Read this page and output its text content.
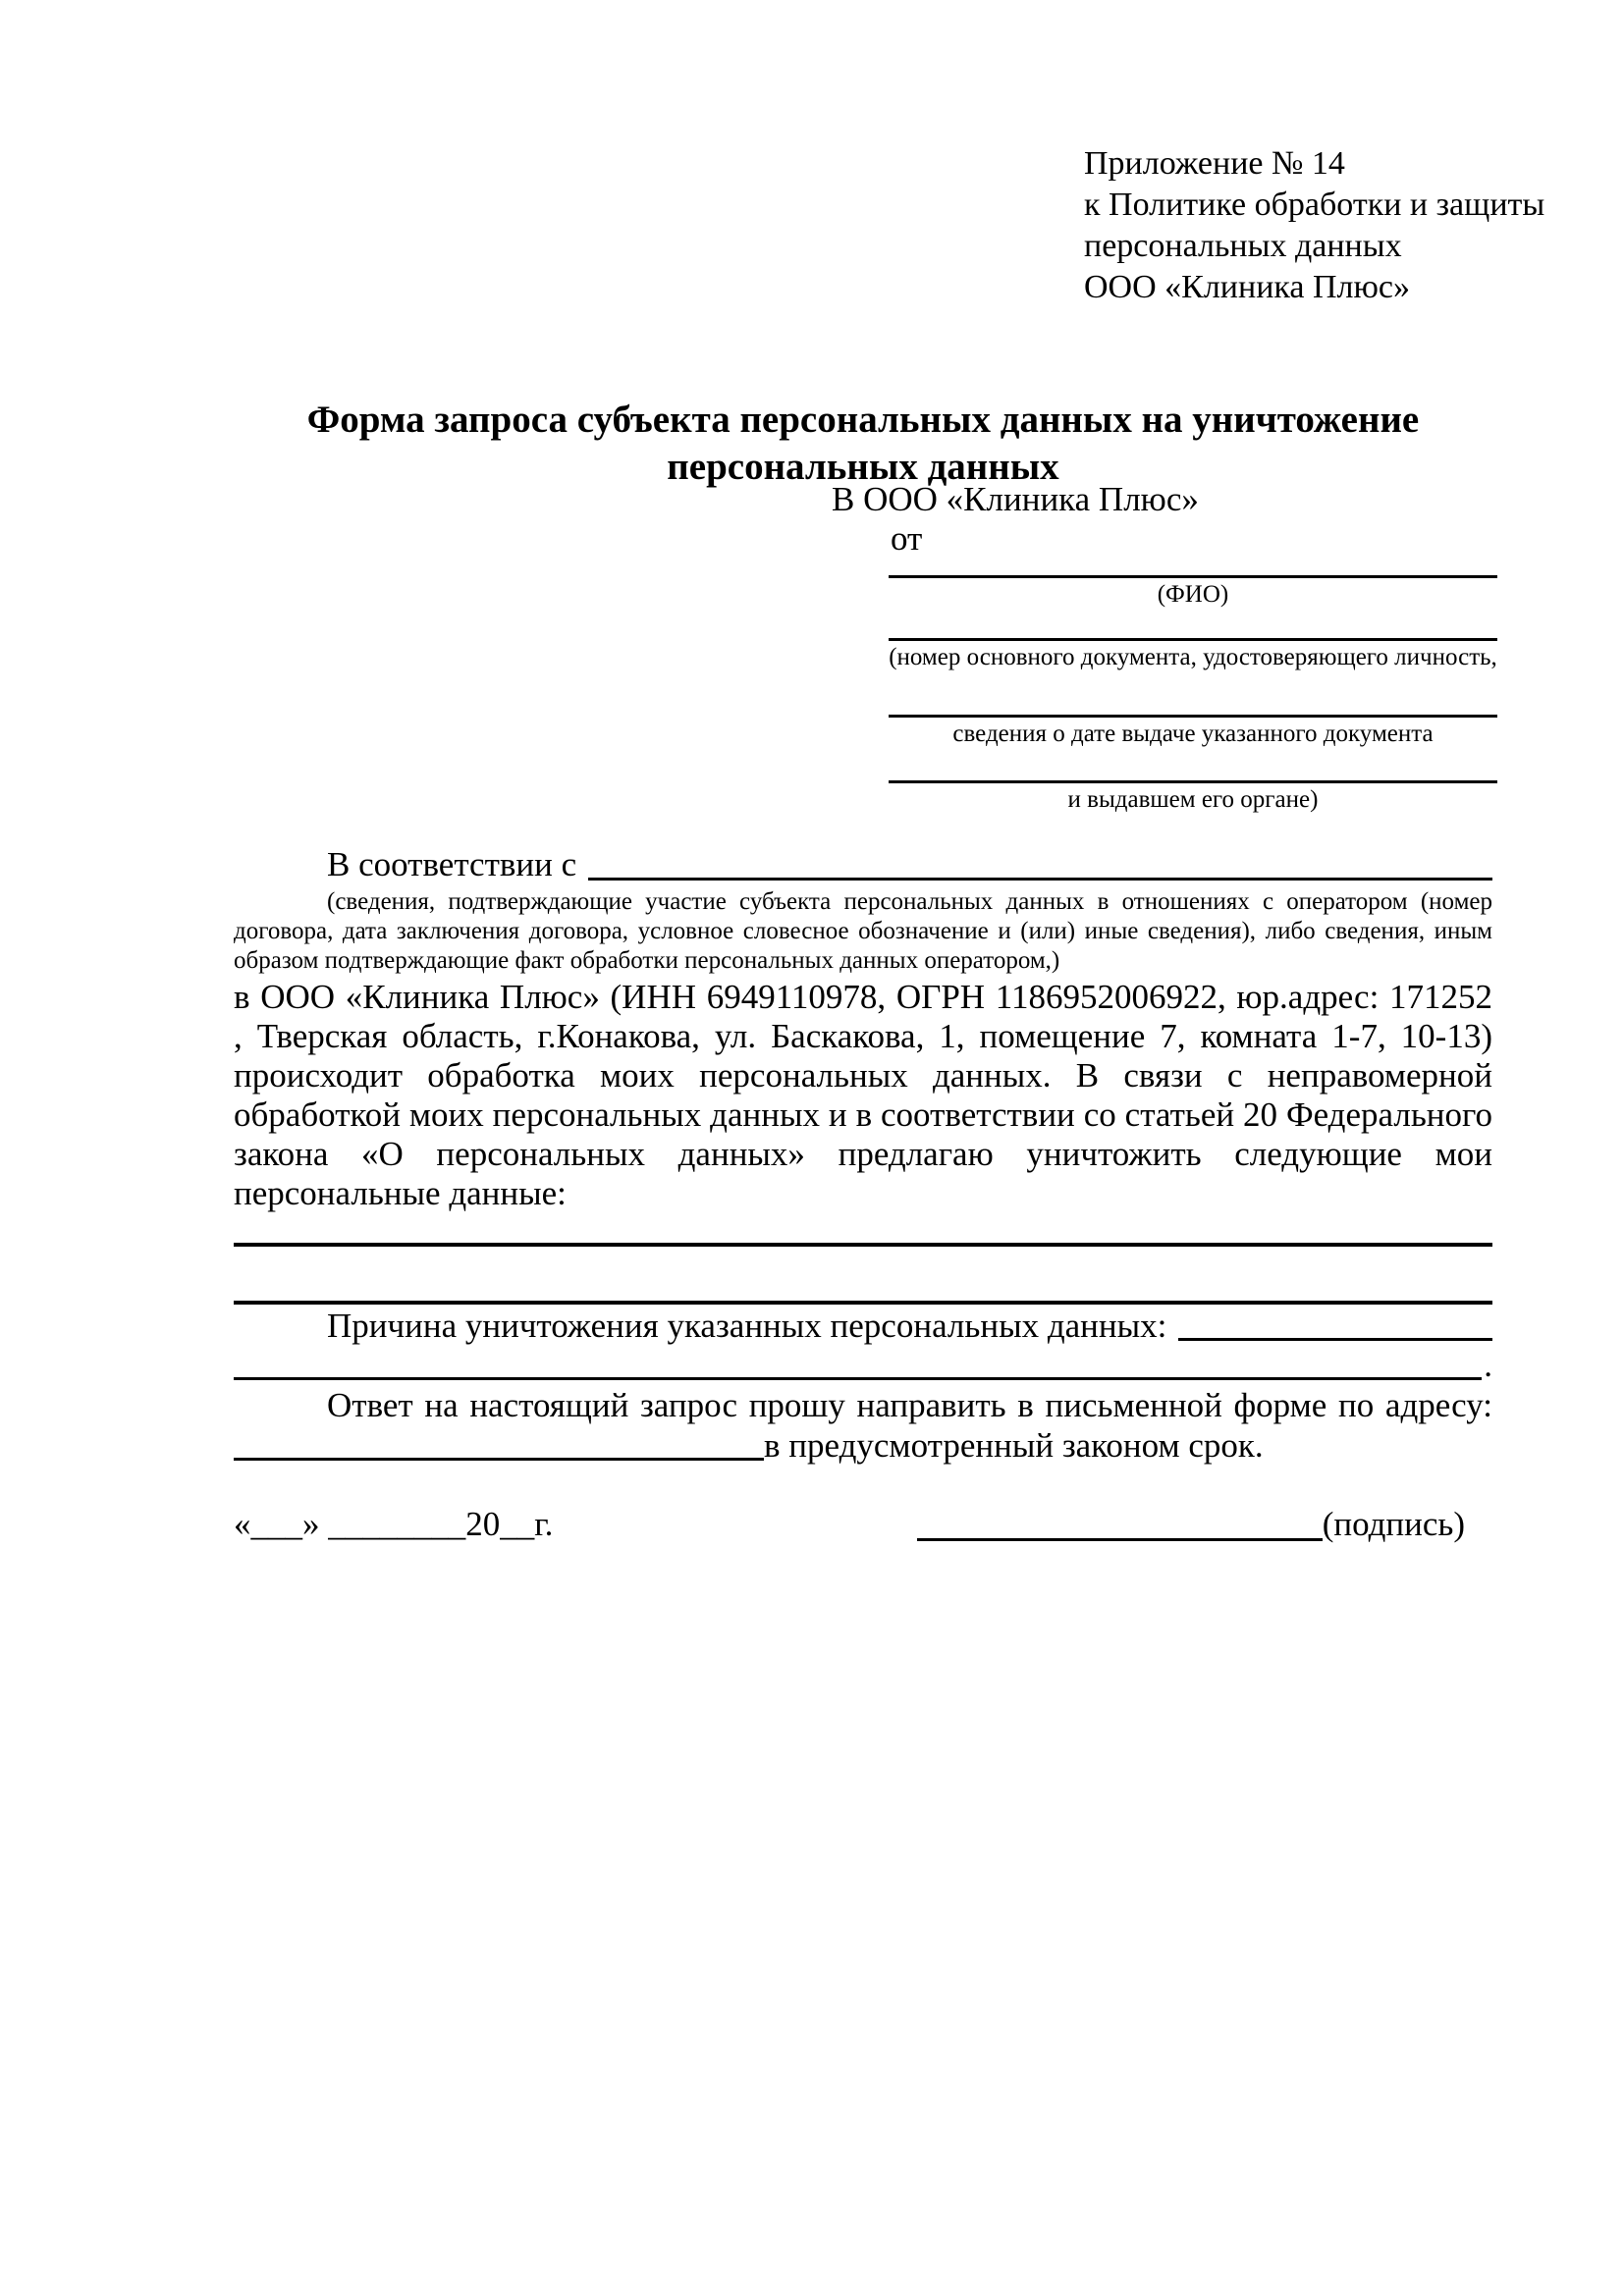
Приложение № 14
к Политике обработки и защиты
персональных данных
ООО «Клиника Плюс»
Форма запроса субъекта персональных данных на уничтожение персональных данных
В ООО «Клиника Плюс»
от
(ФИО)
(номер основного документа, удостоверяющего личность,
сведения о дате выдаче указанного документа
и выдавшем его органе)
В соответствии с
(сведения, подтверждающие участие субъекта персональных данных в отношениях с оператором (номер договора, дата заключения договора, условное словесное обозначение и (или) иные сведения), либо сведения, иным образом подтверждающие факт обработки персональных данных оператором,)
в ООО «Клиника Плюс» (ИНН 6949110978, ОГРН 1186952006922, юр.адрес: 171252 , Тверская область, г.Конакова, ул. Баскакова, 1, помещение 7, комната 1-7, 10-13) происходит обработка моих персональных данных. В связи с неправомерной обработкой моих персональных данных и в соответствии со статьей 20 Федерального закона «О персональных данных» предлагаю уничтожить следующие мои персональные данные:
Причина уничтожения указанных персональных данных:
.
Ответ на настоящий запрос прошу направить в письменной форме по адресу:
в предусмотренный законом срок.
«___» ________20__г.	(подпись)
